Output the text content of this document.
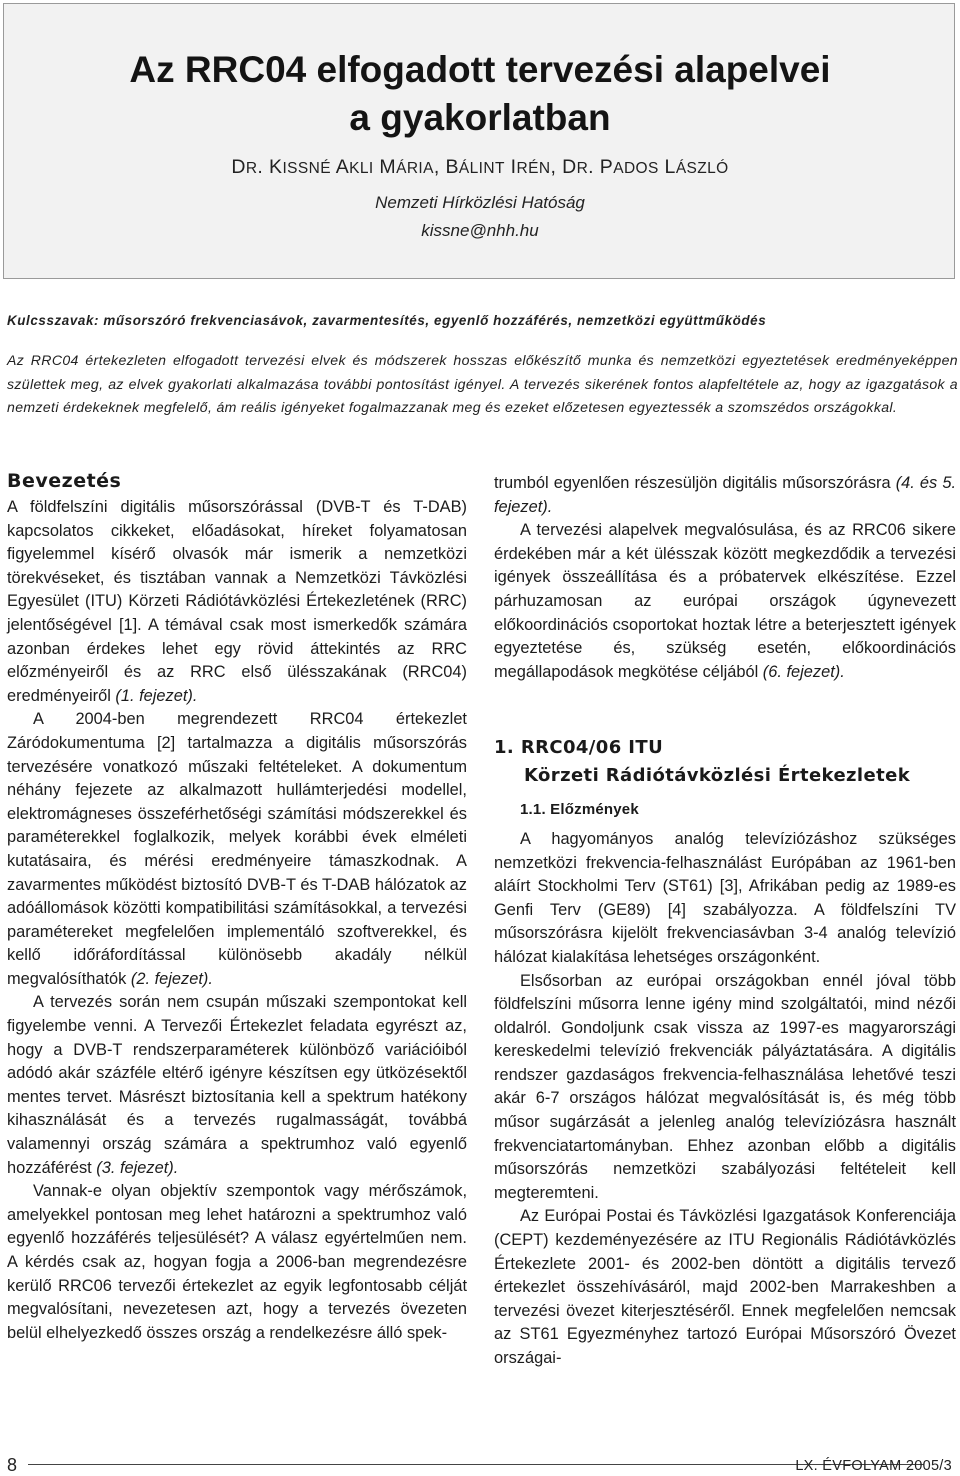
Az RRC04 elfogadott tervezési alapelvei
a gyakorlatban
DR. KISSNÉ AKLI MÁRIA, BÁLINT IRÉN, DR. PADOS LÁSZLÓ
Nemzeti Hírközlési Hatóság
kissne@nhh.hu
Kulcsszavak: műsorszóró frekvenciasávok, zavarmentesítés, egyenlő hozzáférés, nemzetközi együttműködés
Az RRC04 értekezleten elfogadott tervezési elvek és módszerek hosszas előkészítő munka és nemzetközi egyeztetések eredményeképpen születtek meg, az elvek gyakorlati alkalmazása további pontosítást igényel. A tervezés sikerének fontos alapfeltétele az, hogy az igazgatások a nemzeti érdekeknek megfelelő, ám reális igényeket fogalmazzanak meg és ezeket előzetesen egyeztessék a szomszédos országokkal.
Bevezetés

A földfelszíni digitális műsorszórással (DVB-T és T-DAB) kapcsolatos cikkeket, előadásokat, híreket folyamatosan figyelemmel kísérő olvasók már ismerik a nemzetközi törekvéseket, és tisztában vannak a Nemzetközi Távközlési Egyesület (ITU) Körzeti Rádiótávközlési Értekezletének (RRC) jelentőségével [1]. A témával csak most ismerkedők számára azonban érdekes lehet egy rövid áttekintés az RRC előzményeiről és az RRC első ülésszakának (RRC04) eredményeiről (1. fejezet).

A 2004-ben megrendezett RRC04 értekezlet Záródokumentuma [2] tartalmazza a digitális műsorszórás tervezésére vonatkozó műszaki feltételeket. A dokumentum néhány fejezete az alkalmazott hullámterjedési modellel, elektromágneses összeférhetőségi számítási módszerekkel és paraméterekkel foglalkozik, melyek korábbi évek elméleti kutatásaira, és mérési eredményeire támaszkodnak. A zavarmentes működést biztosító DVB-T és T-DAB hálózatok az adóállomások közötti kompatibilitási számításokkal, a tervezési paramétereket megfelelően implementáló szoftverekkel, és kellő időráfordítással különösebb akadály nélkül megvalósíthatók (2. fejezet).

A tervezés során nem csupán műszaki szempontokat kell figyelembe venni. A Tervezői Értekezlet feladata egyrészt az, hogy a DVB-T rendszerparaméterek különböző variációiból adódó akár százféle eltérő igényre készítsen egy ütközésektől mentes tervet. Másrészt biztosítania kell a spektrum hatékony kihasználását és a tervezés rugalmasságát, továbbá valamennyi ország számára a spektrumhoz való egyenlő hozzáférést (3. fejezet).

Vannak-e olyan objektív szempontok vagy mérőszámok, amelyekkel pontosan meg lehet határozni a spektrumhoz való egyenlő hozzáférés teljesülését? A válasz egyértelműen nem. A kérdés csak az, hogyan fogja a 2006-ban megrendezésre kerülő RRC06 tervezői értekezlet az egyik legfontosabb célját megvalósítani, nevezetesen azt, hogy a tervezés övezeten belül elhelyezkedő összes ország a rendelkezésre álló spek-

trumból egyenlően részesüljön digitális műsorszórásra (4. és 5. fejezet).

A tervezési alapelvek megvalósulása, és az RRC06 sikere érdekében már a két ülésszak között megkezdődik a tervezési igények összeállítása és a próbatervek elkészítése. Ezzel párhuzamosan az európai országok úgynevezett előkoordinációs csoportokat hoztak létre a beterjesztett igények egyeztetése és, szükség esetén, előkoordinációs megállapodások megkötése céljából (6. fejezet).

1. RRC04/06 ITU
Körzeti Rádiótávközlési Értekezletek
1.1. Előzmények

A hagyományos analóg televíziózáshoz szükséges nemzetközi frekvencia-felhasználást Európában az 1961-ben aláírt Stockholmi Terv (ST61) [3], Afrikában pedig az 1989-es Genfi Terv (GE89) [4] szabályozza. A földfelszíni TV műsorszórásra kijelölt frekvenciasávban 3-4 analóg televízió hálózat kialakítása lehetséges országonként.

Elsősorban az európai országokban ennél jóval több földfelszíni műsorra lenne igény mind szolgáltatói, mind nézői oldalról. Gondoljunk csak vissza az 1997-es magyarországi kereskedelmi televízió frekvenciák pályáztatására. A digitális rendszer gazdaságos frekvencia-felhasználása lehetővé teszi akár 6-7 országos hálózat megvalósítását is, és még több műsor sugárzását a jelenleg analóg televíziózásra használt frekvenciatartományban. Ehhez azonban előbb a digitális műsorszórás nemzetközi szabályozási feltételeit kell megteremteni.

Az Európai Postai és Távközlési Igazgatások Konferenciája (CEPT) kezdeményezésére az ITU Regionális Rádiótávközlés Értekezlete 2001- és 2002-ben döntött a digitális tervező értekezlet összehívásáról, majd 2002-ben Marrakeshben a tervezési övezet kiterjesztéséről. Ennek megfelelően nemcsak az ST61 Egyezményhez tartozó Európai Műsorszóró Övezet országai-

8	LX. ÉVFOLYAM 2005/3
